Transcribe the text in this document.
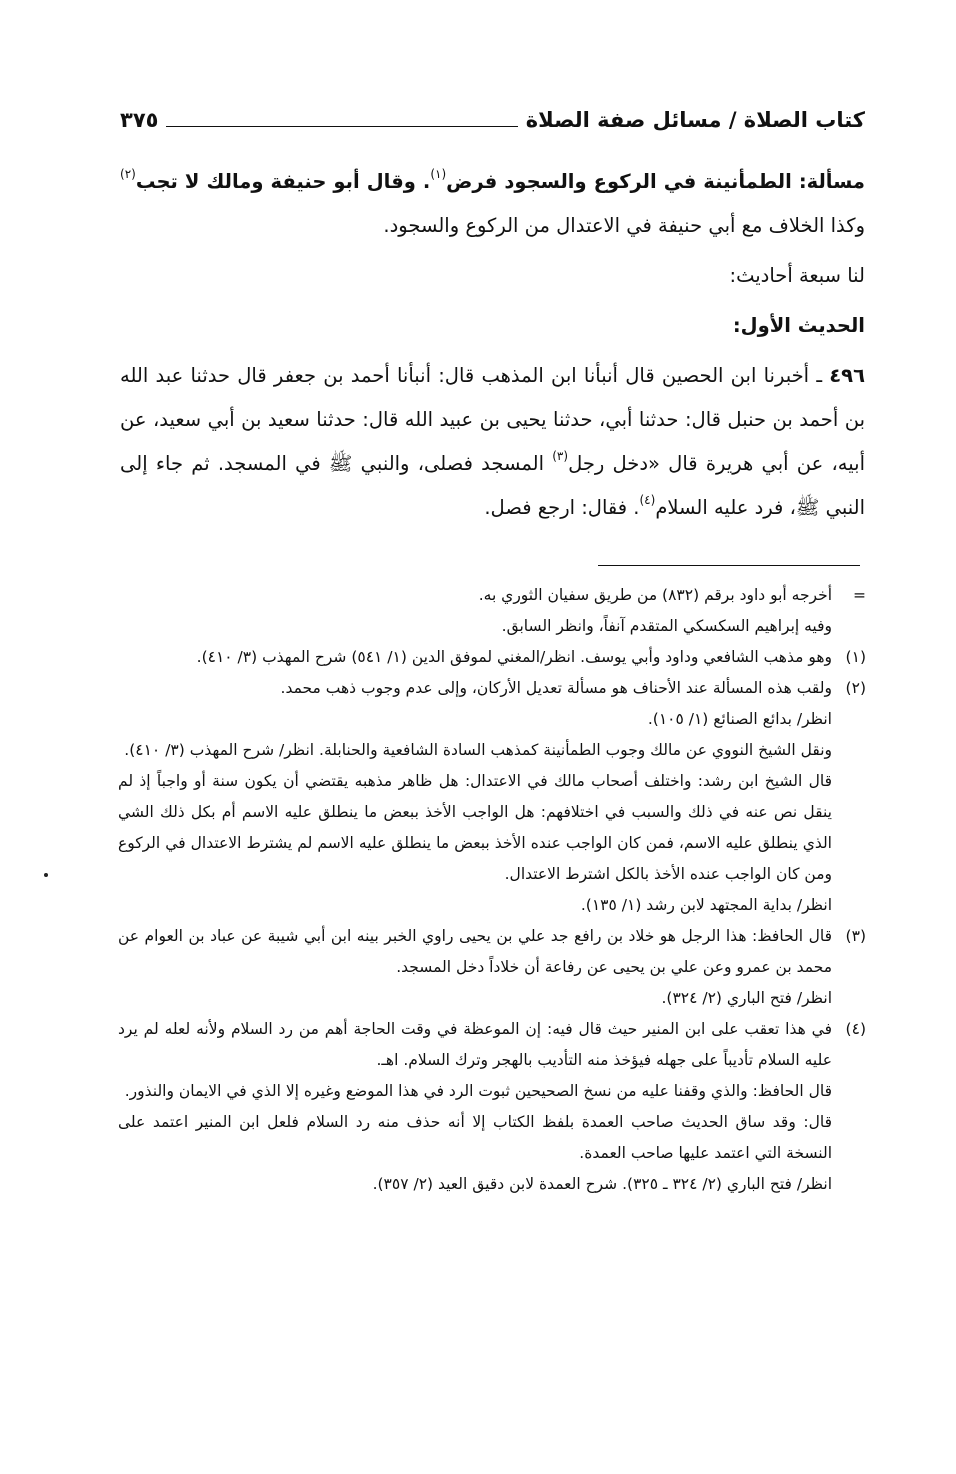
كتاب الصلاة / مسائل صفة الصلاة
٣٧٥

مسألة: الطمأنينة في الركوع والسجود فرض$^{(١)}$. وقال أبو حنيفة ومالك لا تجب$^{(٢)}$ وكذا الخلاف مع أبي حنيفة في الاعتدال من الركوع والسجود.

لنا سبعة أحاديث:

الحديث الأول:

٤٩٦ ـ أخبرنا ابن الحصين قال أنبأنا ابن المذهب قال: أنبأنا أحمد بن جعفر قال حدثنا عبد الله بن أحمد بن حنبل قال: حدثنا أبي، حدثنا يحيى بن عبيد الله قال: حدثنا سعيد بن أبي سعيد، عن أبيه، عن أبي هريرة قال «دخل رجل$^{(٣)}$ المسجد فصلى، والنبي ﷺ في المسجد. ثم جاء إلى النبي ﷺ، فرد عليه السلام$^{(٤)}$. فقال: ارجع فصل.

=

أخرجه أبو داود برقم (٨٣٢) من طريق سفيان الثوري به.

وفيه إبراهيم السكسكي المتقدم آنفاً، وانظر السابق.

(١)

وهو مذهب الشافعي وداود وأبي يوسف. انظر/المغني لموفق الدين (١/ ٥٤١) شرح المهذب (٣/ ٤١٠).

(٢)

ولقب هذه المسألة عند الأحناف هو مسألة تعديل الأركان، وإلى عدم وجوب ذهب محمد.

انظر/ بدائع الصنائع (١/ ١٠٥).

ونقل الشيخ النووي عن مالك وجوب الطمأنينة كمذهب السادة الشافعية والحنابلة. انظر/ شرح المهذب (٣/ ٤١٠).

قال الشيخ ابن رشد: واختلف أصحاب مالك في الاعتدال: هل ظاهر مذهبه يقتضي أن يكون سنة أو واجباً إذ لم ينقل نص عنه في ذلك والسبب في اختلافهم: هل الواجب الأخذ ببعض ما ينطلق عليه الاسم أم بكل ذلك الشي الذي ينطلق عليه الاسم، فمن كان الواجب عنده الأخذ ببعض ما ينطلق عليه الاسم لم يشترط الاعتدال في الركوع ومن كان الواجب عنده الأخذ بالكل اشترط الاعتدال.

انظر/ بداية المجتهد لابن رشد (١/ ١٣٥).

(٣)

قال الحافظ: هذا الرجل هو خلاد بن رافع جد علي بن يحيى راوي الخبر بينه ابن أبي شيبة عن عباد بن العوام عن محمد بن عمرو وعن علي بن يحيى عن رفاعة أن خلاداً دخل المسجد.

انظر/ فتح الباري (٢/ ٣٢٤).

(٤)

في هذا تعقب على ابن المنير حيث قال فيه: إن الموعظة في وقت الحاجة أهم من رد السلام ولأنه لعله لم يرد عليه السلام تأديباً على جهله فيؤخذ منه التأديب بالهجر وترك السلام. اهـ.

قال الحافظ: والذي وقفنا عليه من نسخ الصحيحين ثبوت الرد في هذا الموضع وغيره إلا الذي في الايمان والنذور.

قال: وقد ساق الحديث صاحب العمدة بلفظ الكتاب إلا أنه حذف منه رد السلام فلعل ابن المنير اعتمد على النسخة التي اعتمد عليها صاحب العمدة.

انظر/ فتح الباري (٢/ ٣٢٤ ـ ٣٢٥). شرح العمدة لابن دقيق العيد (٢/ ٣٥٧).
